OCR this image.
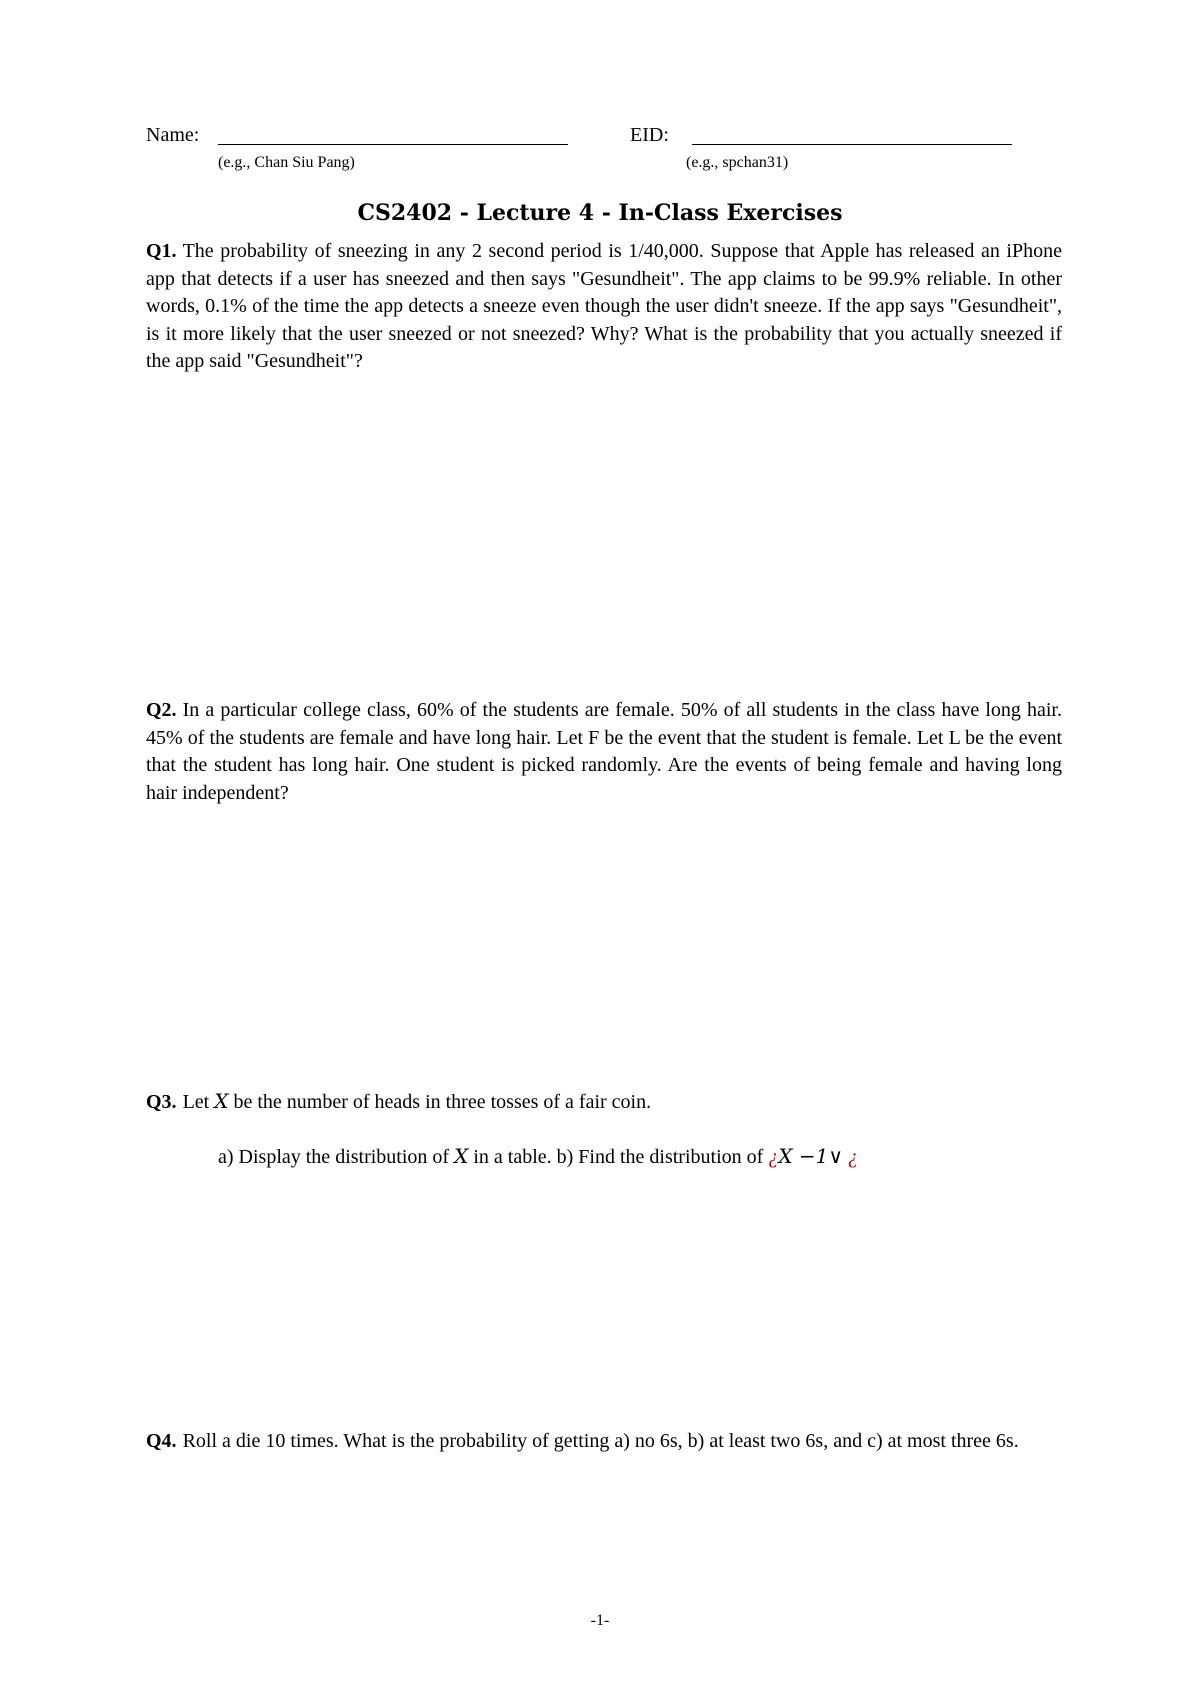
Name:
(e.g., Chan Siu Pang)
EID:
(e.g., spchan31)
CS2402 - Lecture 4 - In-Class Exercises
Q1. The probability of sneezing in any 2 second period is 1/40,000. Suppose that Apple has released an iPhone app that detects if a user has sneezed and then says "Gesundheit". The app claims to be 99.9% reliable. In other words, 0.1% of the time the app detects a sneeze even though the user didn't sneeze. If the app says "Gesundheit", is it more likely that the user sneezed or not sneezed? Why? What is the probability that you actually sneezed if the app said "Gesundheit"?
Q2. In a particular college class, 60% of the students are female. 50% of all students in the class have long hair. 45% of the students are female and have long hair. Let F be the event that the student is female. Let L be the event that the student has long hair. One student is picked randomly. Are the events of being female and having long hair independent?
Q3. Let X be the number of heads in three tosses of a fair coin.
a) Display the distribution of X in a table. b) Find the distribution of ¿X −1∨ ¿
Q4. Roll a die 10 times. What is the probability of getting a) no 6s, b) at least two 6s, and c) at most three 6s.
-1-
